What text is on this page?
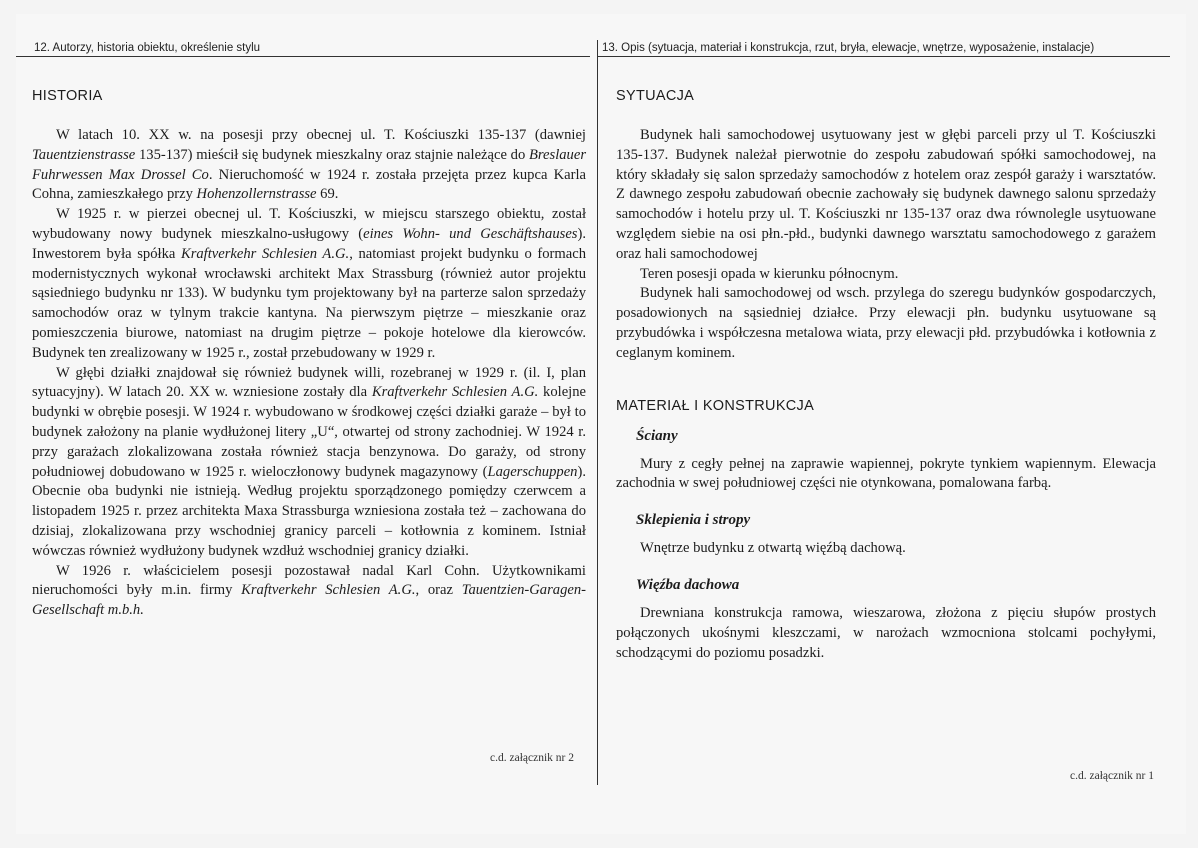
12. Autorzy, historia obiektu, określenie stylu	13. Opis (sytuacja, materiał i konstrukcja, rzut, bryła, elewacje, wnętrze, wyposażenie, instalacje)
HISTORIA

W latach 10. XX w. na posesji przy obecnej ul. T. Kościuszki 135-137 (dawniej Tauentzienstrasse 135-137) mieścił się budynek mieszkalny oraz stajnie należące do Breslauer Fuhrwessen Max Drossel Co. Nieruchomość w 1924 r. została przejęta przez kupca Karla Cohna, zamieszkałego przy Hohenzollernstrasse 69.

W 1925 r. w pierzei obecnej ul. T. Kościuszki, w miejscu starszego obiektu, został wybudowany nowy budynek mieszkalno-usługowy (eines Wohn- und Geschäftshauses). Inwestorem była spółka Kraftverkehr Schlesien A.G., natomiast projekt budynku o formach modernistycznych wykonał wrocławski architekt Max Strassburg (również autor projektu sąsiedniego budynku nr 133). W budynku tym projektowany był na parterze salon sprzedaży samochodów oraz w tylnym trakcie kantyna. Na pierwszym piętrze – mieszkanie oraz pomieszczenia biurowe, natomiast na drugim piętrze – pokoje hotelowe dla kierowców. Budynek ten zrealizowany w 1925 r., został przebudowany w 1929 r.

W głębi działki znajdował się również budynek willi, rozebranej w 1929 r. (il. I, plan sytuacyjny). W latach 20. XX w. wzniesione zostały dla Kraftverkehr Schlesien A.G. kolejne budynki w obrębie posesji. W 1924 r. wybudowano w środkowej części działki garaże – był to budynek założony na planie wydłużonej litery „U“, otwartej od strony zachodniej. W 1924 r. przy garażach zlokalizowana została również stacja benzynowa. Do garaży, od strony południowej dobudowano w 1925 r. wieloczłonowy budynek magazynowy (Lagerschuppen). Obecnie oba budynki nie istnieją. Według projektu sporządzonego pomiędzy czerwcem a listopadem 1925 r. przez architekta Maxa Strassburga wzniesiona została też – zachowana do dzisiaj, zlokalizowana przy wschodniej granicy parceli – kotłownia z kominem. Istniał wówczas również wydłużony budynek wzdłuż wschodniej granicy działki.

W 1926 r. właścicielem posesji pozostawał nadal Karl Cohn. Użytkownikami nieruchomości były m.in. firmy Kraftverkehr Schlesien A.G., oraz Tauentzien-Garagen-Gesellschaft m.b.h.

c.d. załącznik nr 2
SYTUACJA

Budynek hali samochodowej usytuowany jest w głębi parceli przy ul T. Kościuszki 135-137. Budynek należał pierwotnie do zespołu zabudowań spółki samochodowej, na który składały się salon sprzedaży samochodów z hotelem oraz zespół garaży i warsztatów. Z dawnego zespołu zabudowań obecnie zachowały się budynek dawnego salonu sprzedaży samochodów i hotelu przy ul. T. Kościuszki nr 135-137 oraz dwa równolegle usytuowane względem siebie na osi płn.-płd., budynki dawnego warsztatu samochodowego z garażem oraz hali samochodowej

Teren posesji opada w kierunku północnym.

Budynek hali samochodowej od wsch. przylega do szeregu budynków gospodarczych, posadowionych na sąsiedniej działce. Przy elewacji płn. budynku usytuowane są przybudówka i współczesna metalowa wiata, przy elewacji płd. przybudówka i kotłownia z ceglanym kominem.

MATERIAŁ I KONSTRUKCJA
Ściany

Mury z cegły pełnej na zaprawie wapiennej, pokryte tynkiem wapiennym. Elewacja zachodnia w swej południowej części nie otynkowana, pomalowana farbą.

Sklepienia i stropy

Wnętrze budynku z otwartą więźbą dachową.

Więźba dachowa

Drewniana konstrukcja ramowa, wieszarowa, złożona z pięciu słupów prostych połączonych ukośnymi kleszczami, w narożach wzmocniona stolcami pochyłymi, schodzącymi do poziomu posadzki.

c.d. załącznik nr 1
